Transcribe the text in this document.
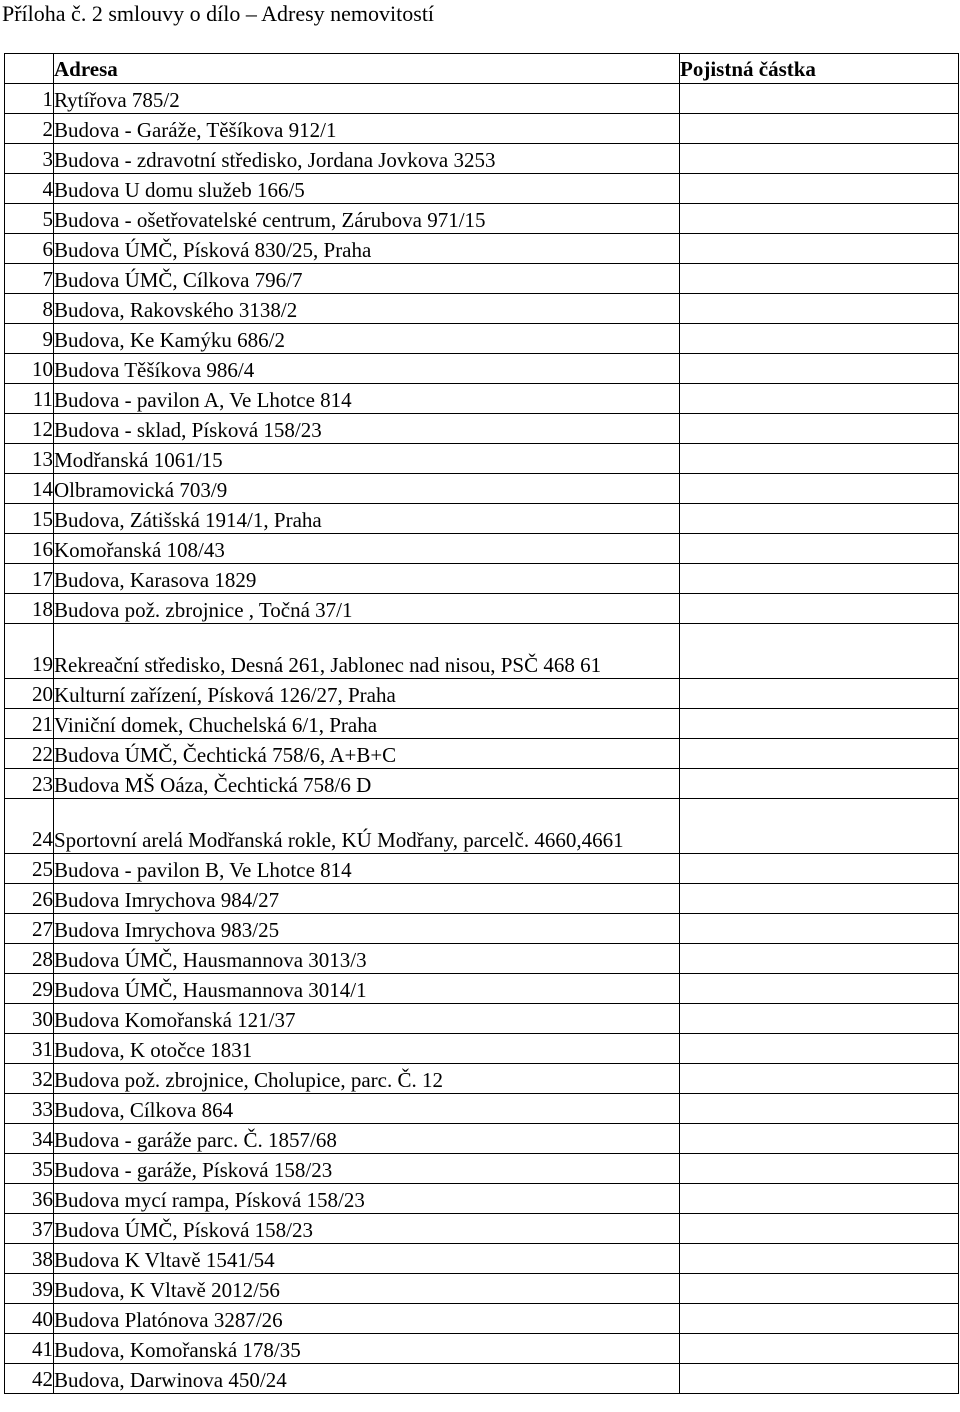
Příloha č. 2 smlouvy o dílo – Adresy nemovitostí
	Adresa	Pojistná částka
1	Rytířova 785/2	
2	Budova - Garáže, Těšíkova 912/1	
3	Budova - zdravotní středisko, Jordana Jovkova 3253	
4	Budova U domu služeb 166/5	
5	Budova - ošetřovatelské centrum, Zárubova 971/15	
6	Budova ÚMČ, Písková 830/25, Praha	
7	Budova ÚMČ, Cílkova 796/7	
8	Budova, Rakovského 3138/2	
9	Budova, Ke Kamýku 686/2	
10	Budova Těšíkova 986/4	
11	Budova - pavilon A, Ve Lhotce 814	
12	Budova - sklad, Písková 158/23	
13	Modřanská 1061/15	
14	Olbramovická 703/9	
15	Budova, Zátišská 1914/1, Praha	
16	Komořanská 108/43	
17	Budova, Karasova 1829	
18	Budova pož. zbrojnice , Točná 37/1	
19	Rekreační středisko, Desná 261, Jablonec nad nisou, PSČ 468 61	
20	Kulturní zařízení, Písková 126/27, Praha	
21	Viniční domek, Chuchelská 6/1, Praha	
22	Budova ÚMČ, Čechtická 758/6, A+B+C	
23	Budova MŠ Oáza, Čechtická 758/6 D	
24	Sportovní arelá Modřanská rokle, KÚ Modřany, parcelč. 4660,4661	
25	Budova - pavilon B, Ve Lhotce 814	
26	Budova Imrychova 984/27	
27	Budova Imrychova 983/25	
28	Budova ÚMČ, Hausmannova 3013/3	
29	Budova ÚMČ, Hausmannova 3014/1	
30	Budova Komořanská 121/37	
31	Budova, K otočce 1831	
32	Budova pož. zbrojnice, Cholupice, parc. Č. 12	
33	Budova, Cílkova 864	
34	Budova - garáže parc. Č. 1857/68	
35	Budova - garáže, Písková 158/23	
36	Budova mycí rampa, Písková 158/23	
37	Budova ÚMČ, Písková 158/23	
38	Budova K Vltavě 1541/54	
39	Budova, K Vltavě 2012/56	
40	Budova Platónova 3287/26	
41	Budova, Komořanská 178/35	
42	Budova, Darwinova 450/24	
